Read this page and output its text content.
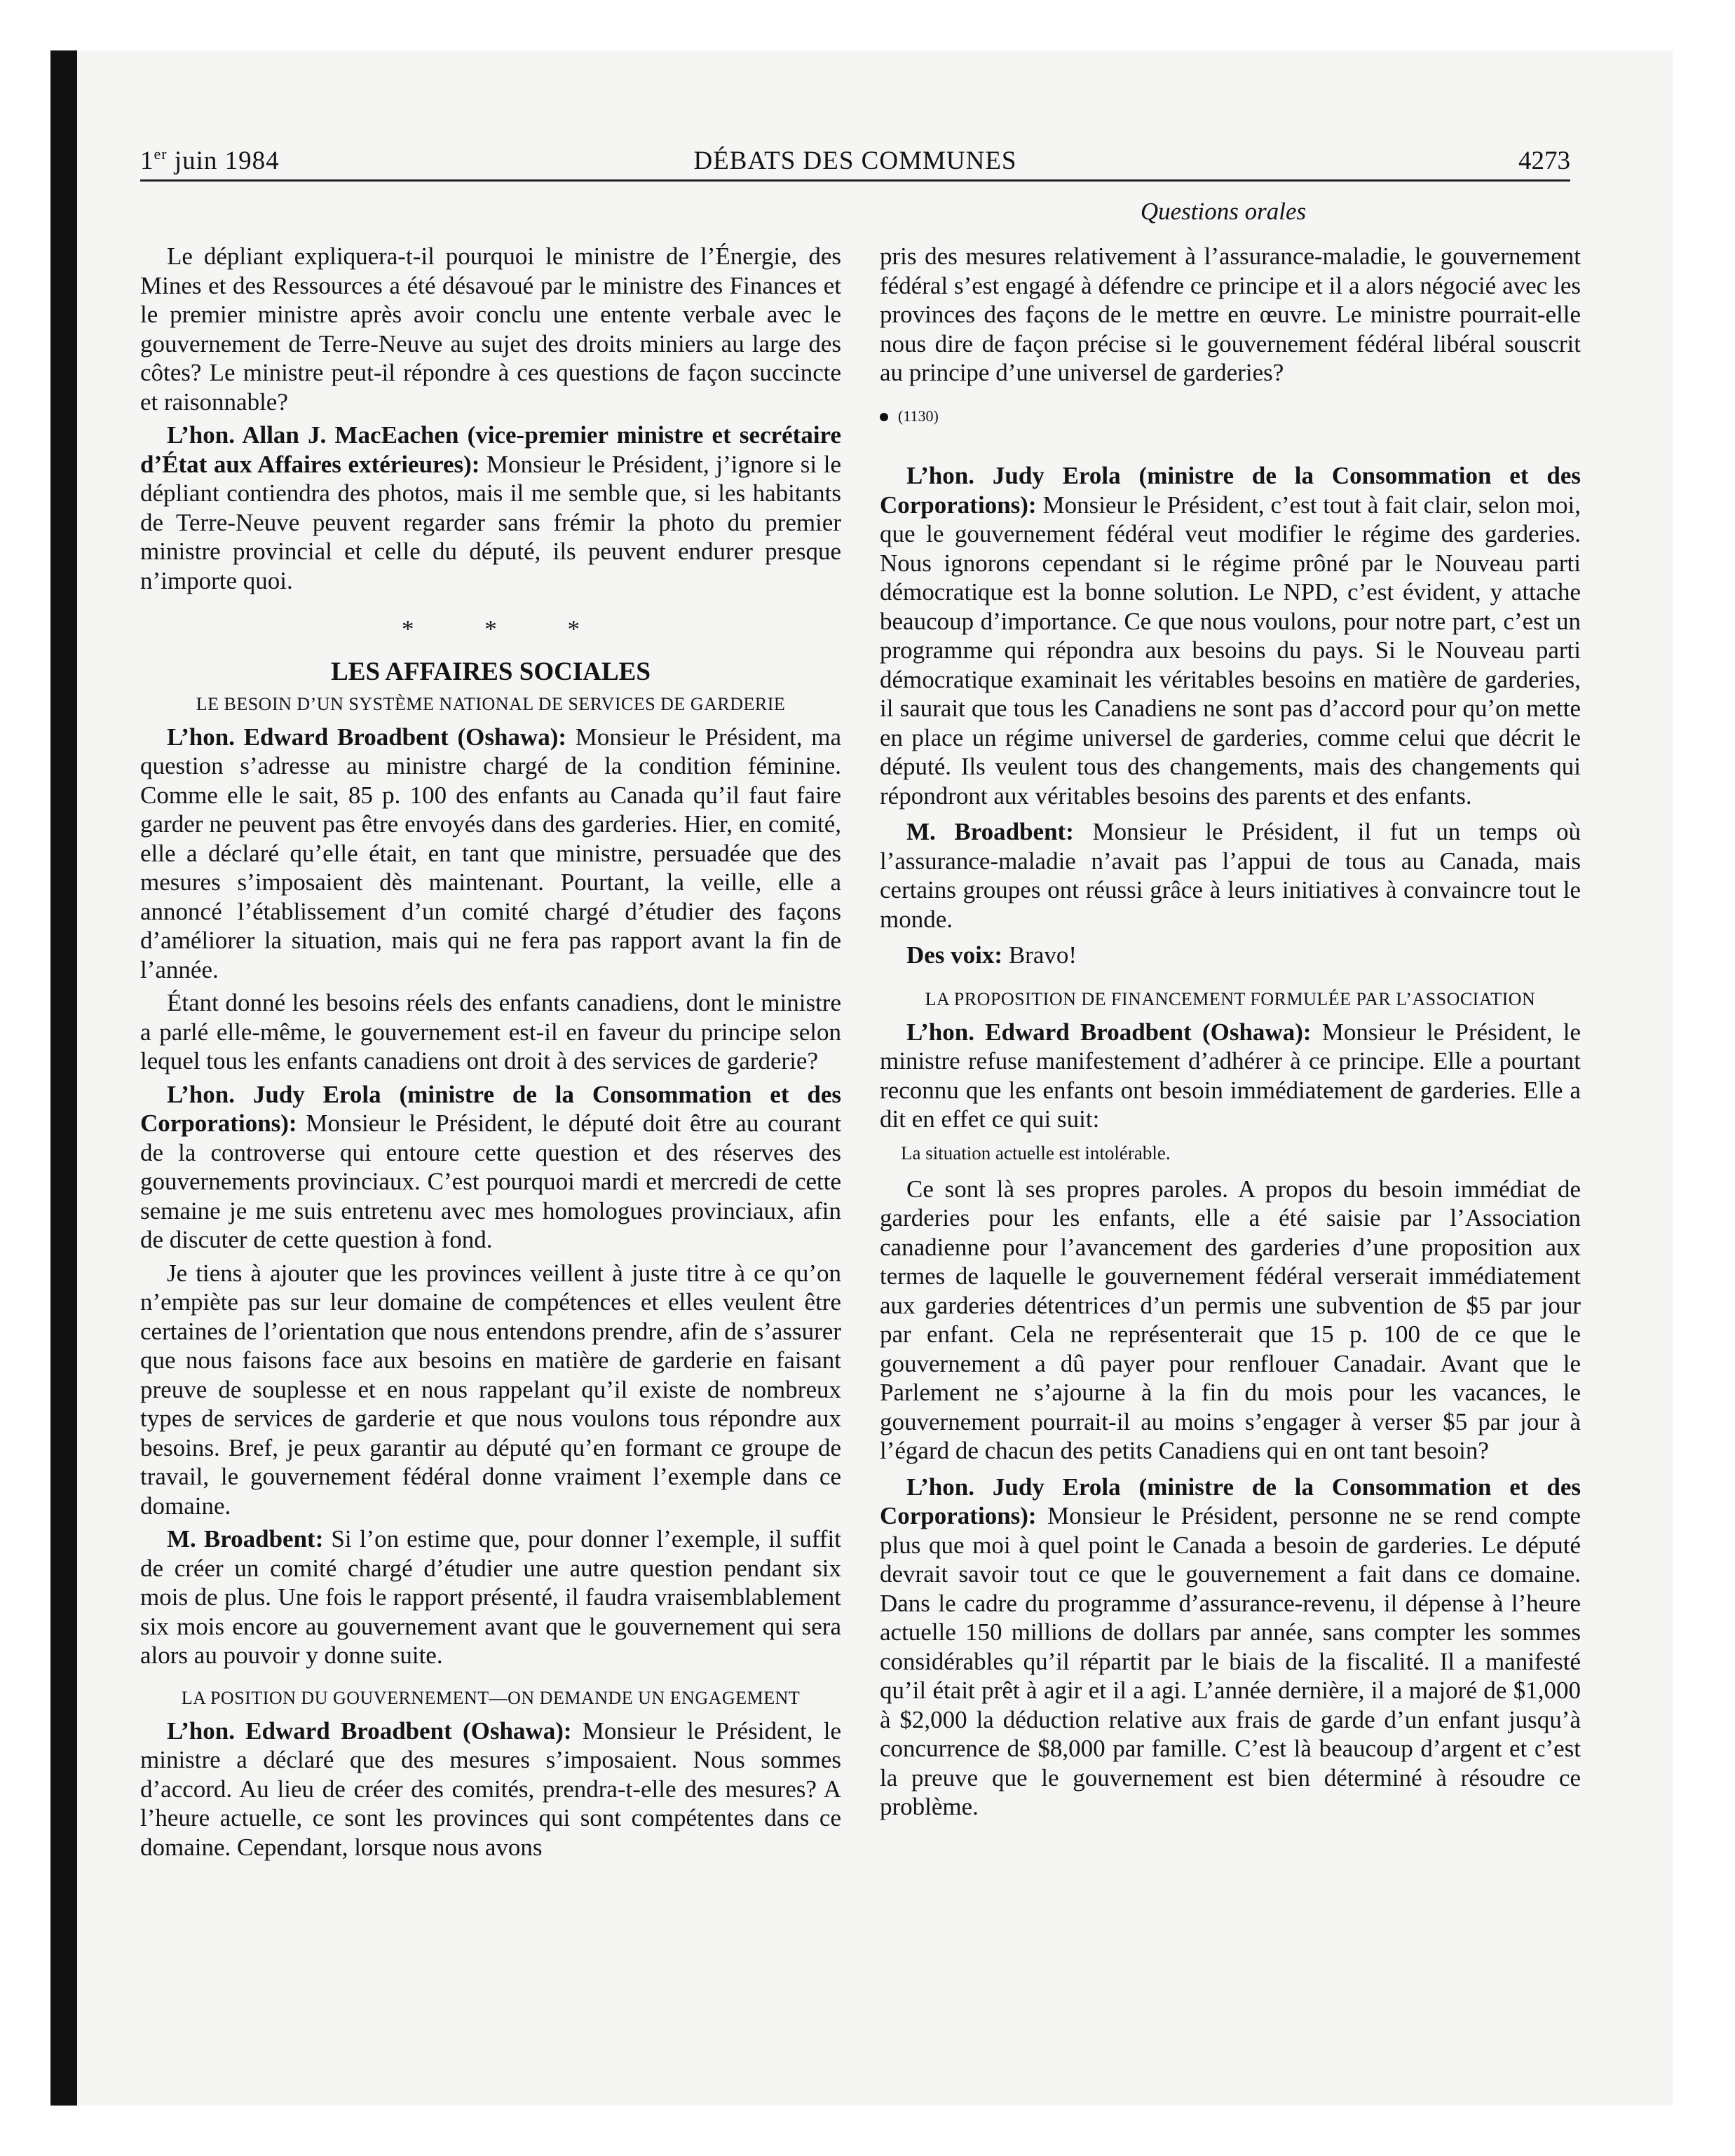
1er juin 1984	DÉBATS DES COMMUNES	4273
Questions orales

Le dépliant expliquera-t-il pourquoi le ministre de l’Énergie, des Mines et des Ressources a été désavoué par le ministre des Finances et le premier ministre après avoir conclu une entente verbale avec le gouvernement de Terre-Neuve au sujet des droits miniers au large des côtes? Le ministre peut-il répondre à ces questions de façon succincte et raisonnable?

L’hon. Allan J. MacEachen (vice-premier ministre et secrétaire d’État aux Affaires extérieures): Monsieur le Président, j’ignore si le dépliant contiendra des photos, mais il me semble que, si les habitants de Terre-Neuve peuvent regarder sans frémir la photo du premier ministre provincial et celle du député, ils peuvent endurer presque n’importe quoi.

* * *
LES AFFAIRES SOCIALES
LE BESOIN D’UN SYSTÈME NATIONAL DE SERVICES DE GARDERIE

L’hon. Edward Broadbent (Oshawa): Monsieur le Président, ma question s’adresse au ministre chargé de la condition féminine. Comme elle le sait, 85 p. 100 des enfants au Canada qu’il faut faire garder ne peuvent pas être envoyés dans des garderies. Hier, en comité, elle a déclaré qu’elle était, en tant que ministre, persuadée que des mesures s’imposaient dès maintenant. Pourtant, la veille, elle a annoncé l’établissement d’un comité chargé d’étudier des façons d’améliorer la situation, mais qui ne fera pas rapport avant la fin de l’année.

Étant donné les besoins réels des enfants canadiens, dont le ministre a parlé elle-même, le gouvernement est-il en faveur du principe selon lequel tous les enfants canadiens ont droit à des services de garderie?

L’hon. Judy Erola (ministre de la Consommation et des Corporations): Monsieur le Président, le député doit être au courant de la controverse qui entoure cette question et des réserves des gouvernements provinciaux. C’est pourquoi mardi et mercredi de cette semaine je me suis entretenu avec mes homologues provinciaux, afin de discuter de cette question à fond.

Je tiens à ajouter que les provinces veillent à juste titre à ce qu’on n’empiète pas sur leur domaine de compétences et elles veulent être certaines de l’orientation que nous entendons prendre, afin de s’assurer que nous faisons face aux besoins en matière de garderie en faisant preuve de souplesse et en nous rappelant qu’il existe de nombreux types de services de garderie et que nous voulons tous répondre aux besoins. Bref, je peux garantir au député qu’en formant ce groupe de travail, le gouvernement fédéral donne vraiment l’exemple dans ce domaine.

M. Broadbent: Si l’on estime que, pour donner l’exemple, il suffit de créer un comité chargé d’étudier une autre question pendant six mois de plus. Une fois le rapport présenté, il faudra vraisemblablement six mois encore au gouvernement avant que le gouvernement qui sera alors au pouvoir y donne suite.

LA POSITION DU GOUVERNEMENT—ON DEMANDE UN ENGAGEMENT

L’hon. Edward Broadbent (Oshawa): Monsieur le Président, le ministre a déclaré que des mesures s’imposaient. Nous sommes d’accord. Au lieu de créer des comités, prendra-t-elle des mesures? A l’heure actuelle, ce sont les provinces qui sont compétentes dans ce domaine. Cependant, lorsque nous avons

pris des mesures relativement à l’assurance-maladie, le gouvernement fédéral s’est engagé à défendre ce principe et il a alors négocié avec les provinces des façons de le mettre en œuvre. Le ministre pourrait-elle nous dire de façon précise si le gouvernement fédéral libéral souscrit au principe d’une universel de garderies?

(1130)

L’hon. Judy Erola (ministre de la Consommation et des Corporations): Monsieur le Président, c’est tout à fait clair, selon moi, que le gouvernement fédéral veut modifier le régime des garderies. Nous ignorons cependant si le régime prôné par le Nouveau parti démocratique est la bonne solution. Le NPD, c’est évident, y attache beaucoup d’importance. Ce que nous voulons, pour notre part, c’est un programme qui répondra aux besoins du pays. Si le Nouveau parti démocratique examinait les véritables besoins en matière de garderies, il saurait que tous les Canadiens ne sont pas d’accord pour qu’on mette en place un régime universel de garderies, comme celui que décrit le député. Ils veulent tous des changements, mais des changements qui répondront aux véritables besoins des parents et des enfants.

M. Broadbent: Monsieur le Président, il fut un temps où l’assurance-maladie n’avait pas l’appui de tous au Canada, mais certains groupes ont réussi grâce à leurs initiatives à convaincre tout le monde.

Des voix: Bravo!

LA PROPOSITION DE FINANCEMENT FORMULÉE PAR L’ASSOCIATION

L’hon. Edward Broadbent (Oshawa): Monsieur le Président, le ministre refuse manifestement d’adhérer à ce principe. Elle a pourtant reconnu que les enfants ont besoin immédiatement de garderies. Elle a dit en effet ce qui suit:

La situation actuelle est intolérable.

Ce sont là ses propres paroles. A propos du besoin immédiat de garderies pour les enfants, elle a été saisie par l’Association canadienne pour l’avancement des garderies d’une proposition aux termes de laquelle le gouvernement fédéral verserait immédiatement aux garderies détentrices d’un permis une subvention de $5 par jour par enfant. Cela ne représenterait que 15 p. 100 de ce que le gouvernement a dû payer pour renflouer Canadair. Avant que le Parlement ne s’ajourne à la fin du mois pour les vacances, le gouvernement pourrait-il au moins s’engager à verser $5 par jour à l’égard de chacun des petits Canadiens qui en ont tant besoin?

L’hon. Judy Erola (ministre de la Consommation et des Corporations): Monsieur le Président, personne ne se rend compte plus que moi à quel point le Canada a besoin de garderies. Le député devrait savoir tout ce que le gouvernement a fait dans ce domaine. Dans le cadre du programme d’assurance-revenu, il dépense à l’heure actuelle 150 millions de dollars par année, sans compter les sommes considérables qu’il répartit par le biais de la fiscalité. Il a manifesté qu’il était prêt à agir et il a agi. L’année dernière, il a majoré de $1,000 à $2,000 la déduction relative aux frais de garde d’un enfant jusqu’à concurrence de $8,000 par famille. C’est là beaucoup d’argent et c’est la preuve que le gouvernement est bien déterminé à résoudre ce problème.
